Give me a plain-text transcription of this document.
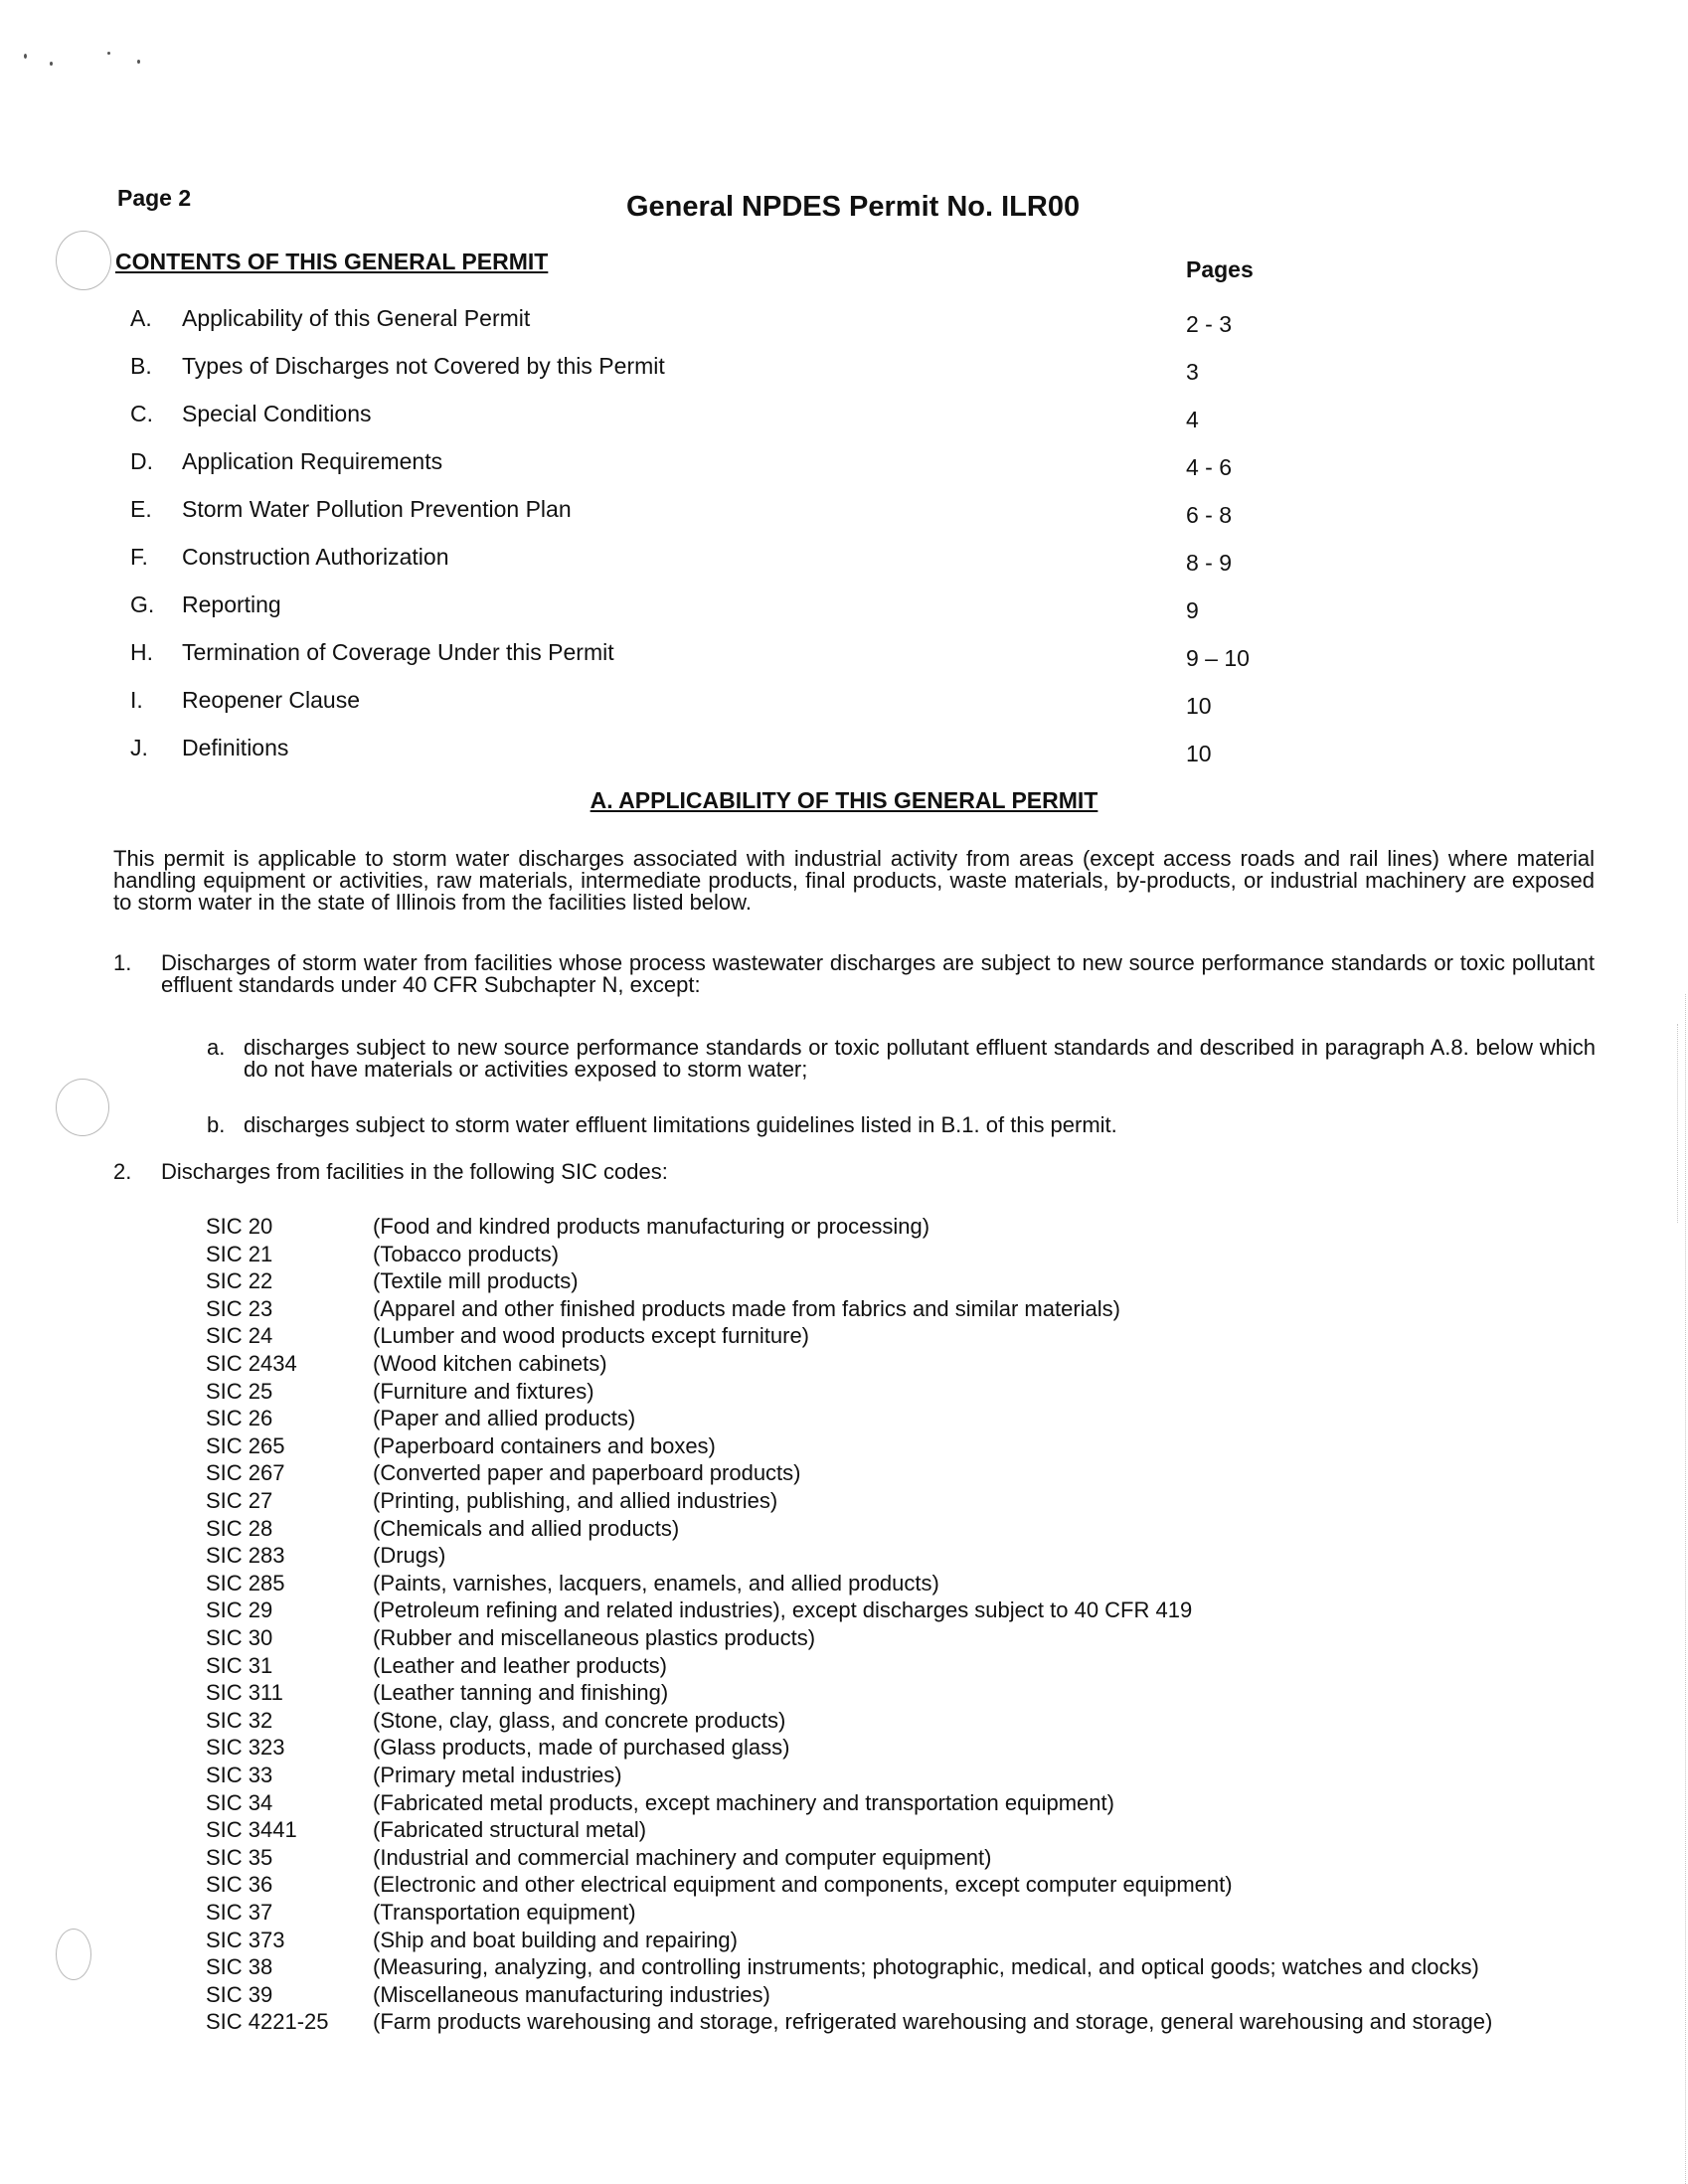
Page 2	General NPDES Permit No. ILR00
CONTENTS OF THIS GENERAL PERMIT	Pages
A. Applicability of this General Permit	2 - 3
B. Types of Discharges not Covered by this Permit	3
C. Special Conditions	4
D. Application Requirements	4 - 6
E. Storm Water Pollution Prevention Plan	6 - 8
F. Construction Authorization	8 - 9
G. Reporting	9
H. Termination of Coverage Under this Permit	9 – 10
I. Reopener Clause	10
J. Definitions	10
A. APPLICABILITY OF THIS GENERAL PERMIT
This permit is applicable to storm water discharges associated with industrial activity from areas (except access roads and rail lines) where material handling equipment or activities, raw materials, intermediate products, final products, waste materials, by-products, or industrial machinery are exposed to storm water in the state of Illinois from the facilities listed below.
1. Discharges of storm water from facilities whose process wastewater discharges are subject to new source performance standards or toxic pollutant effluent standards under 40 CFR Subchapter N, except:
a. discharges subject to new source performance standards or toxic pollutant effluent standards and described in paragraph A.8. below which do not have materials or activities exposed to storm water;
b. discharges subject to storm water effluent limitations guidelines listed in B.1. of this permit.
2. Discharges from facilities in the following SIC codes:
SIC 20	(Food and kindred products manufacturing or processing)
SIC 21	(Tobacco products)
SIC 22	(Textile mill products)
SIC 23	(Apparel and other finished products made from fabrics and similar materials)
SIC 24	(Lumber and wood products except furniture)
SIC 2434	(Wood kitchen cabinets)
SIC 25	(Furniture and fixtures)
SIC 26	(Paper and allied products)
SIC 265	(Paperboard containers and boxes)
SIC 267	(Converted paper and paperboard products)
SIC 27	(Printing, publishing, and allied industries)
SIC 28	(Chemicals and allied products)
SIC 283	(Drugs)
SIC 285	(Paints, varnishes, lacquers, enamels, and allied products)
SIC 29	(Petroleum refining and related industries), except discharges subject to 40 CFR 419
SIC 30	(Rubber and miscellaneous plastics products)
SIC 31	(Leather and leather products)
SIC 311	(Leather tanning and finishing)
SIC 32	(Stone, clay, glass, and concrete products)
SIC 323	(Glass products, made of purchased glass)
SIC 33	(Primary metal industries)
SIC 34	(Fabricated metal products, except machinery and transportation equipment)
SIC 3441	(Fabricated structural metal)
SIC 35	(Industrial and commercial machinery and computer equipment)
SIC 36	(Electronic and other electrical equipment and components, except computer equipment)
SIC 37	(Transportation equipment)
SIC 373	(Ship and boat building and repairing)
SIC 38	(Measuring, analyzing, and controlling instruments; photographic, medical, and optical goods; watches and clocks)
SIC 39	(Miscellaneous manufacturing industries)
SIC 4221-25 (Farm products warehousing and storage, refrigerated warehousing and storage, general warehousing and storage)
